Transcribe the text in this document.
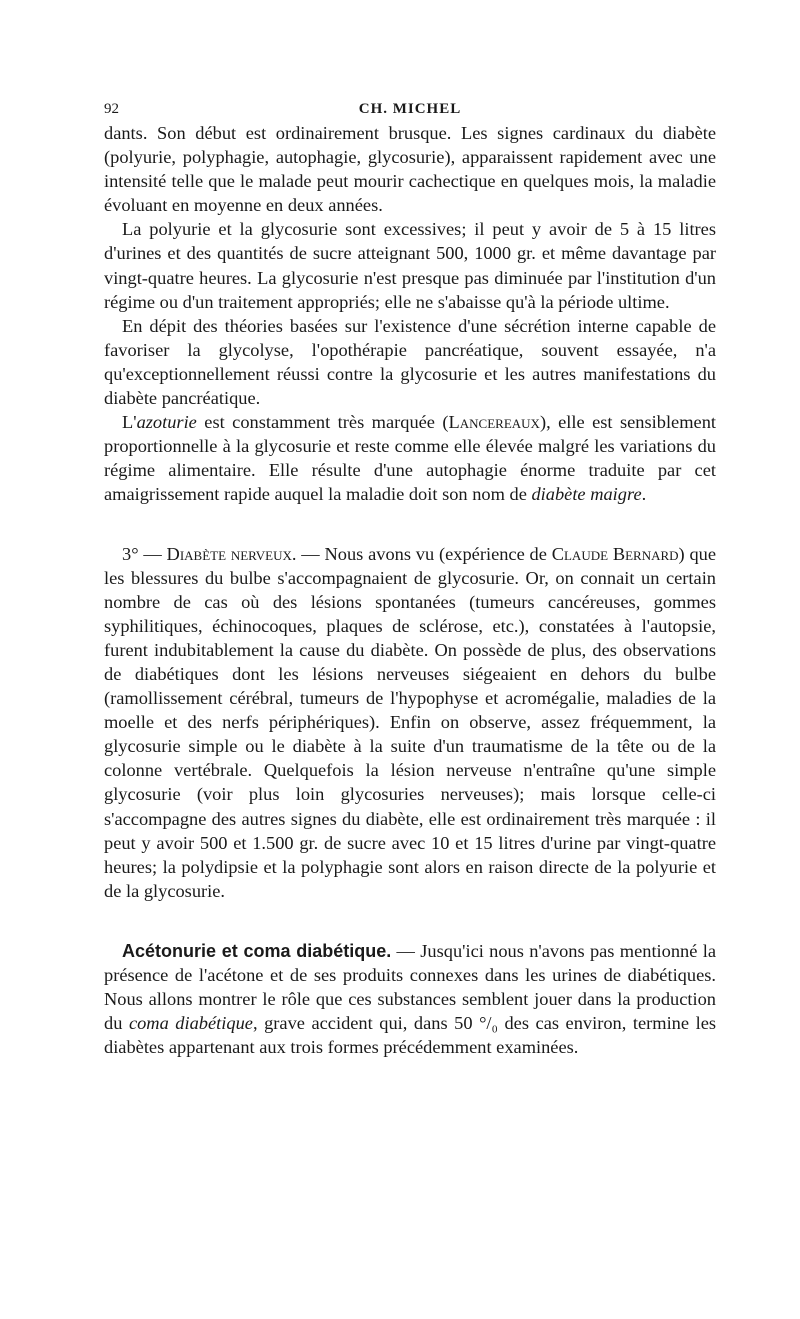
92	CH. MICHEL

dants. Son début est ordinairement brusque. Les signes cardinaux du diabète (polyurie, polyphagie, autophagie, glycosurie), apparaissent rapidement avec une intensité telle que le malade peut mourir cachectique en quelques mois, la maladie évoluant en moyenne en deux années.

La polyurie et la glycosurie sont excessives; il peut y avoir de 5 à 15 litres d'urines et des quantités de sucre atteignant 500, 1000 gr. et même davantage par vingt-quatre heures. La glycosurie n'est presque pas diminuée par l'institution d'un régime ou d'un traitement appropriés; elle ne s'abaisse qu'à la période ultime.

En dépit des théories basées sur l'existence d'une sécrétion interne capable de favoriser la glycolyse, l'opothérapie pancréatique, souvent essayée, n'a qu'exceptionnellement réussi contre la glycosurie et les autres manifestations du diabète pancréatique.

L'azoturie est constamment très marquée (Lancereaux), elle est sensiblement proportionnelle à la glycosurie et reste comme elle élevée malgré les variations du régime alimentaire. Elle résulte d'une autophagie énorme traduite par cet amaigrissement rapide auquel la maladie doit son nom de diabète maigre.

3° — Diabète nerveux. — Nous avons vu (expérience de Claude Bernard) que les blessures du bulbe s'accompagnaient de glycosurie. Or, on connait un certain nombre de cas où des lésions spontanées (tumeurs cancéreuses, gommes syphilitiques, échinocoques, plaques de sclérose, etc.), constatées à l'autopsie, furent indubitablement la cause du diabète. On possède de plus, des observations de diabétiques dont les lésions nerveuses siégeaient en dehors du bulbe (ramollissement cérébral, tumeurs de l'hypophyse et acromégalie, maladies de la moelle et des nerfs périphériques). Enfin on observe, assez fréquemment, la glycosurie simple ou le diabète à la suite d'un traumatisme de la tête ou de la colonne vertébrale. Quelquefois la lésion nerveuse n'entraîne qu'une simple glycosurie (voir plus loin glycosuries nerveuses); mais lorsque celle-ci s'accompagne des autres signes du diabète, elle est ordinairement très marquée : il peut y avoir 500 et 1.500 gr. de sucre avec 10 et 15 litres d'urine par vingt-quatre heures; la polydipsie et la polyphagie sont alors en raison directe de la polyurie et de la glycosurie.

Acétonurie et coma diabétique. — Jusqu'ici nous n'avons pas mentionné la présence de l'acétone et de ses produits connexes dans les urines de diabétiques. Nous allons montrer le rôle que ces substances semblent jouer dans la production du coma diabétique, grave accident qui, dans 50 °/₀ des cas environ, termine les diabètes appartenant aux trois formes précédemment examinées.
